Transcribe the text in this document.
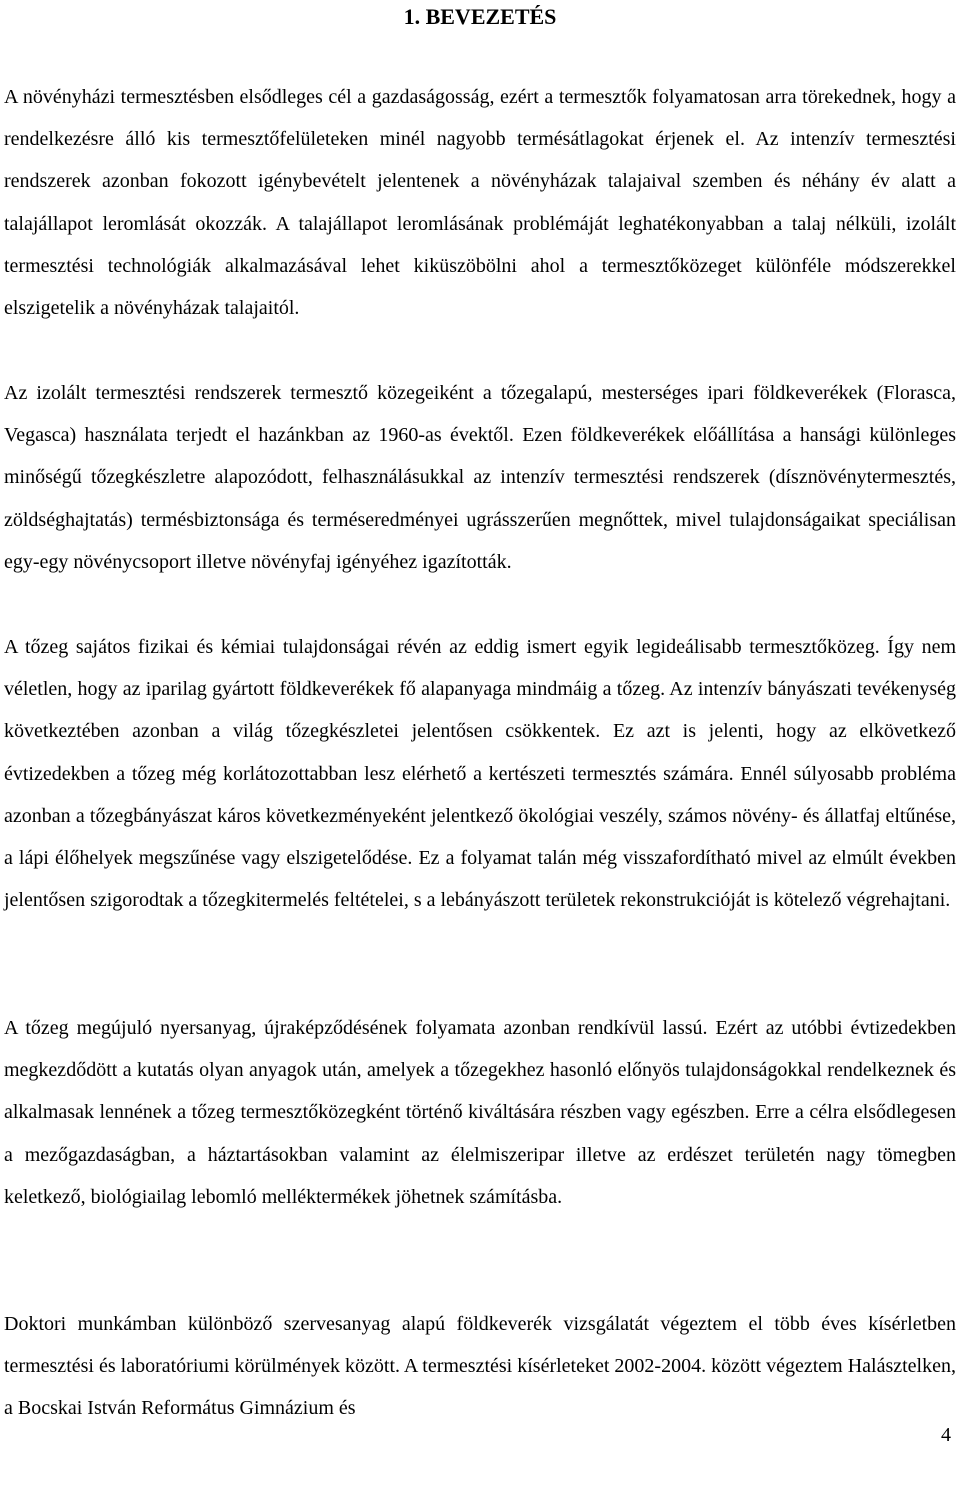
1. BEVEZETÉS

A növényházi termesztésben elsődleges cél a gazdaságosság, ezért a termesztők folyamatosan arra törekednek, hogy a rendelkezésre álló kis termesztőfelületeken minél nagyobb termésátlagokat érjenek el. Az intenzív termesztési rendszerek azonban fokozott igénybevételt jelentenek a növényházak talajaival szemben és néhány év alatt a talajállapot leromlását okozzák. A talajállapot leromlásának problémáját leghatékonyabban a talaj nélküli, izolált termesztési technológiák alkalmazásával lehet kiküszöbölni ahol a termesztőközeget különféle módszerekkel elszigetelik a növényházak talajaitól.

Az izolált termesztési rendszerek termesztő közegeiként a tőzegalapú, mesterséges ipari földkeverékek (Florasca, Vegasca) használata terjedt el hazánkban az 1960-as évektől. Ezen földkeverékek előállítása a hansági különleges minőségű tőzegkészletre alapozódott, felhasználásukkal az intenzív termesztési rendszerek (dísznövénytermesztés, zöldséghajtatás) termésbiztonsága és terméseredményei ugrásszerűen megnőttek, mivel tulajdonságaikat speciálisan egy-egy növénycsoport illetve növényfaj igényéhez igazították.

A tőzeg sajátos fizikai és kémiai tulajdonságai révén az eddig ismert egyik legideálisabb termesztőközeg. Így nem véletlen, hogy az iparilag gyártott földkeverékek fő alapanyaga mindmáig a tőzeg. Az intenzív bányászati tevékenység következtében azonban a világ tőzegkészletei jelentősen csökkentek. Ez azt is jelenti, hogy az elkövetkező évtizedekben a tőzeg még korlátozottabban lesz elérhető a kertészeti termesztés számára. Ennél súlyosabb probléma azonban a tőzegbányászat káros következményeként jelentkező ökológiai veszély, számos növény- és állatfaj eltűnése, a lápi élőhelyek megszűnése vagy elszigetelődése. Ez a folyamat talán még visszafordítható mivel az elmúlt években jelentősen szigorodtak a tőzegkitermelés feltételei, s a lebányászott területek rekonstrukcióját is kötelező végrehajtani.

A tőzeg megújuló nyersanyag, újraképződésének folyamata azonban rendkívül lassú. Ezért az utóbbi évtizedekben megkezdődött a kutatás olyan anyagok után, amelyek a tőzegekhez hasonló előnyös tulajdonságokkal rendelkeznek és alkalmasak lennének a tőzeg termesztőközegként történő kiváltására részben vagy egészben. Erre a célra elsődlegesen a mezőgazdaságban, a háztartásokban valamint az élelmiszeripar illetve az erdészet területén nagy tömegben keletkező, biológiailag lebomló melléktermékek jöhetnek számításba.

Doktori munkámban különböző szervesanyag alapú földkeverék vizsgálatát végeztem el több éves kísérletben termesztési és laboratóriumi körülmények között. A termesztési kísérleteket 2002-2004. között végeztem Halásztelken, a Bocskai István Református Gimnázium és

4
